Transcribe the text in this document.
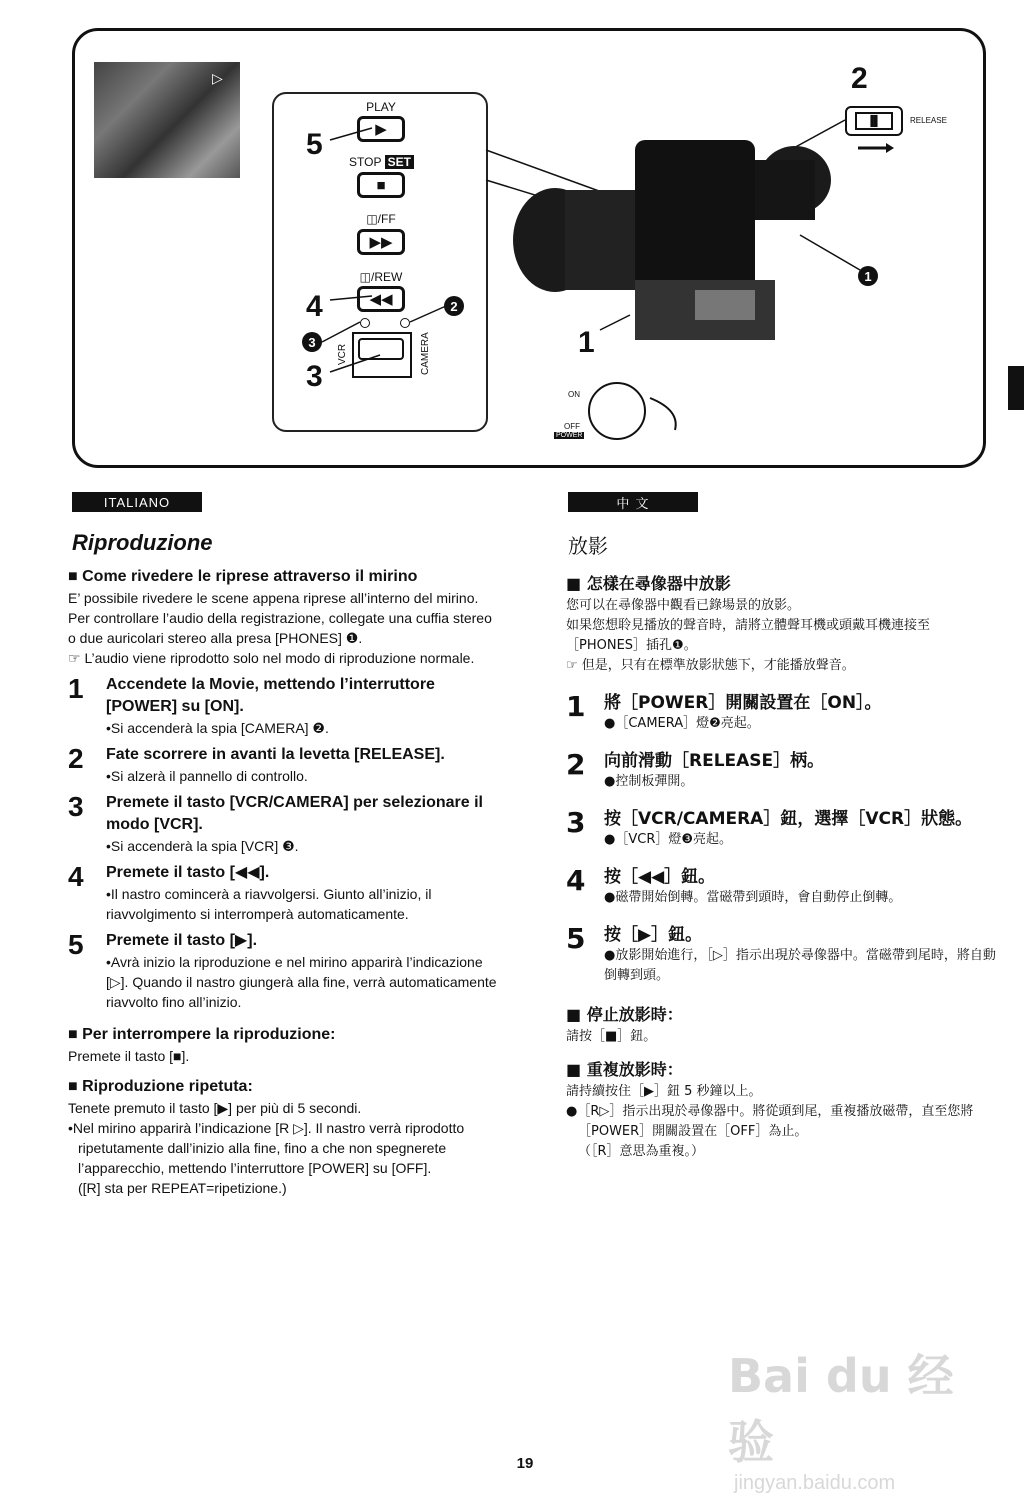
▷
PLAY
▶
STOP SET
■
◫/FF
▶▶
◫/REW
◀◀
VCR	CAMERA
5
4
3
2
1
2
3
1
▐▌	RELEASE
ON
OFF
POWER
ITALIANO	中 文
Riproduzione
■ Come rivedere le riprese attraverso il mirino
E’ possibile rivedere le scene appena riprese all’interno del mirino.
Per controllare l’audio della registrazione, collegate una cuffia stereo o due auricolari stereo alla presa [PHONES] ❶.
☞ L’audio viene riprodotto solo nel modo di riproduzione normale.
1	Accendete la Movie, mettendo l’interruttore [POWER] su [ON].
•Si accenderà la spia [CAMERA] ❷.
2	Fate scorrere in avanti la levetta [RELEASE].
•Si alzerà il pannello di controllo.
3	Premete il tasto [VCR/CAMERA] per selezionare il modo [VCR].
•Si accenderà la spia [VCR] ❸.
4	Premete il tasto [◀◀].
•Il nastro comincerà a riavvolgersi. Giunto all’inizio, il riavvolgimento si interromperà automaticamente.
5	Premete il tasto [▶].
•Avrà inizio la riproduzione e nel mirino apparirà l’indicazione [▷]. Quando il nastro giungerà alla fine, verrà automaticamente riavvolto fino all’inizio.
■ Per interrompere la riproduzione:
Premete il tasto [■].
■ Riproduzione ripetuta:
Tenete premuto il tasto [▶] per più di 5 secondi.
•Nel mirino apparirà l’indicazione [R ▷]. Il nastro verrà riprodotto ripetutamente dall’inizio alla fine, fino a che non spegnerete l’apparecchio, mettendo l’interruttore [POWER] su [OFF].
([R] sta per REPEAT=ripetizione.)
放影
■ 怎樣在尋像器中放影
您可以在尋像器中觀看已錄場景的放影。
如果您想聆見播放的聲音時，請將立體聲耳機或頭戴耳機連接至［PHONES］插孔❶。
☞ 但是，只有在標準放影狀態下，才能播放聲音。
1	將［POWER］開關設置在［ON］。
●［CAMERA］燈❷亮起。
2	向前滑動［RELEASE］柄。
●控制板彈開。
3	按［VCR/CAMERA］鈕，選擇［VCR］狀態。
●［VCR］燈❸亮起。
4	按［◀◀］鈕。
●磁帶開始倒轉。當磁帶到頭時，會自動停止倒轉。
5	按［▶］鈕。
●放影開始進行，［▷］指示出現於尋像器中。當磁帶到尾時，將自動倒轉到頭。
■ 停止放影時：
請按［■］鈕。
■ 重複放影時：
請持續按住［▶］鈕 5 秒鐘以上。
●［R▷］指示出現於尋像器中。將從頭到尾，重複播放磁帶，直至您將［POWER］開關設置在［OFF］為止。
（［R］意思為重複。）
Bai du 经验
jingyan.baidu.com
19
